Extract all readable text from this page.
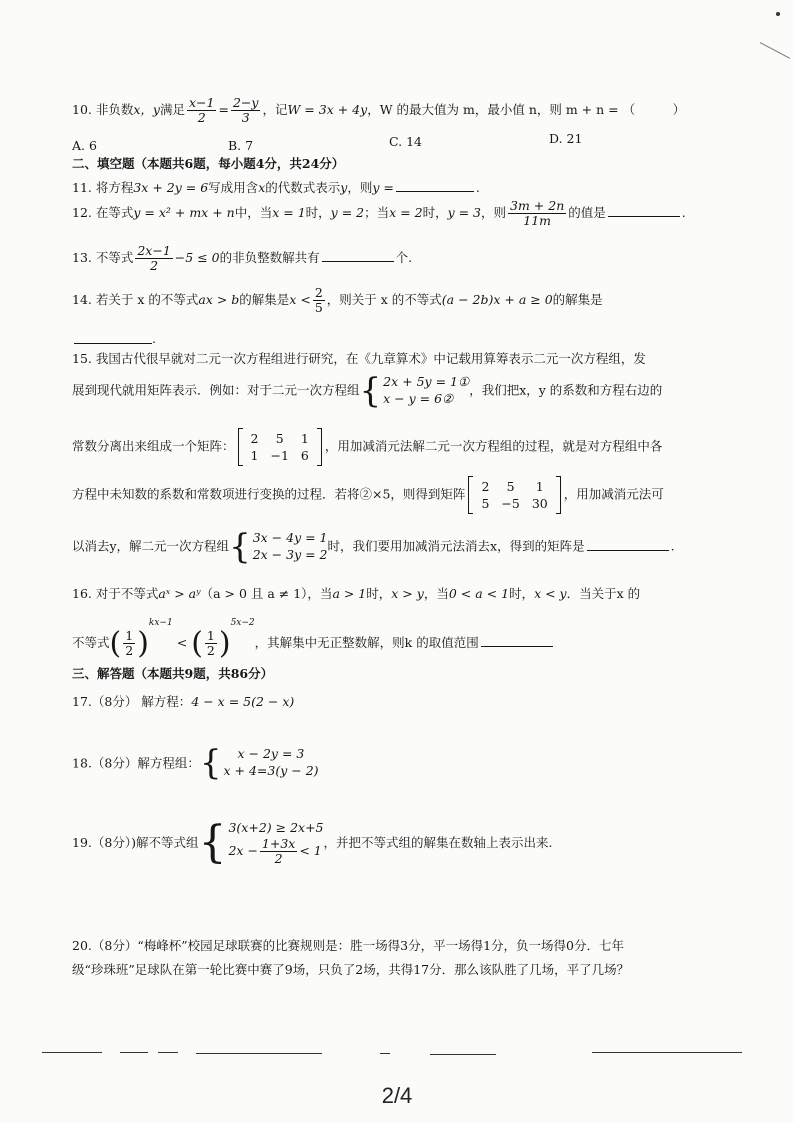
10. 非负数x，y满足 $\frac{x-1}{2} = \frac{2-y}{3}$ ，记W = 3x + 4y，W 的最大值为 m，最小值 n，则 m + n = （　　　）
A. 6	B. 7	C. 14	D. 21
二、填空题（本题共6题，每小题4分，共24分）
11. 将方程3x + 2y = 6写成用含x的代数式表示y，则y =	.
12. 在等式y = x² + mx + n中，当x = 1时，y = 2；当x = 2时，y = 3，则 $\frac{3m + 2n}{11m}$ 的值是	.
13. 不等式 $\frac{2x-1}{2} -5 \le 0$的非负整数解共有	个.
14. 若关于 x 的不等式ax > b的解集是$x < \frac{2}{5}$ ，则关于 x 的不等式(a − 2b)x + a ≥ 0的解集是
.
15. 我国古代很早就对二元一次方程组进行研究，在《九章算术》中记载用算筹表示二元一次方程组，发
展到现代就用矩阵表示．例如：对于二元一次方程组{ 2x + 5y = 1①
x − y = 6②
，我们把x，y 的系数和方程右边的
常数分离出来组成一个矩阵： 2	5	1
1	−1	6
，用加减消元法解二元一次方程组的过程，就是对方程组中各
方程中未知数的系数和常数项进行变换的过程．若将②×5，则得到矩阵 2	5	1
5	−5	30
，用加减消元法可
以消去y，解二元一次方程组{ 3x − 4y = 1
2x − 3y = 2
时，我们要用加减消元法消去x，得到的矩阵是	.
16. 对于不等式aˣ > aʸ（a > 0 且 a ≠ 1），当a > 1时，x > y，当0 < a < 1时，x < y．当关于x 的
不等式( $\frac{1}{2} )^{kx-1}<$ ( $\frac{1}{2} )^{5x-2}$，其解集中无正整数解，则k 的取值范围
三、解答题（本题共9题，共86分）
17.（8分） 解方程：4 − x = 5(2 − x)
18.（8分）解方程组：{	x − 2y = 3
x + 4=3(y − 2)
19.（8分）)解不等式组{ 3(x+2) ≥ 2x+5
$2x - \frac{1+3x}{2} < 1$ ，并把不等式组的解集在数轴上表示出来.
20.（8分）“梅峰杯”校园足球联赛的比赛规则是：胜一场得3分，平一场得1分，负一场得0分．七年
级“珍珠班”足球队在第一轮比赛中赛了9场，只负了2场，共得17分．那么该队胜了几场，平了几场？
2/4
